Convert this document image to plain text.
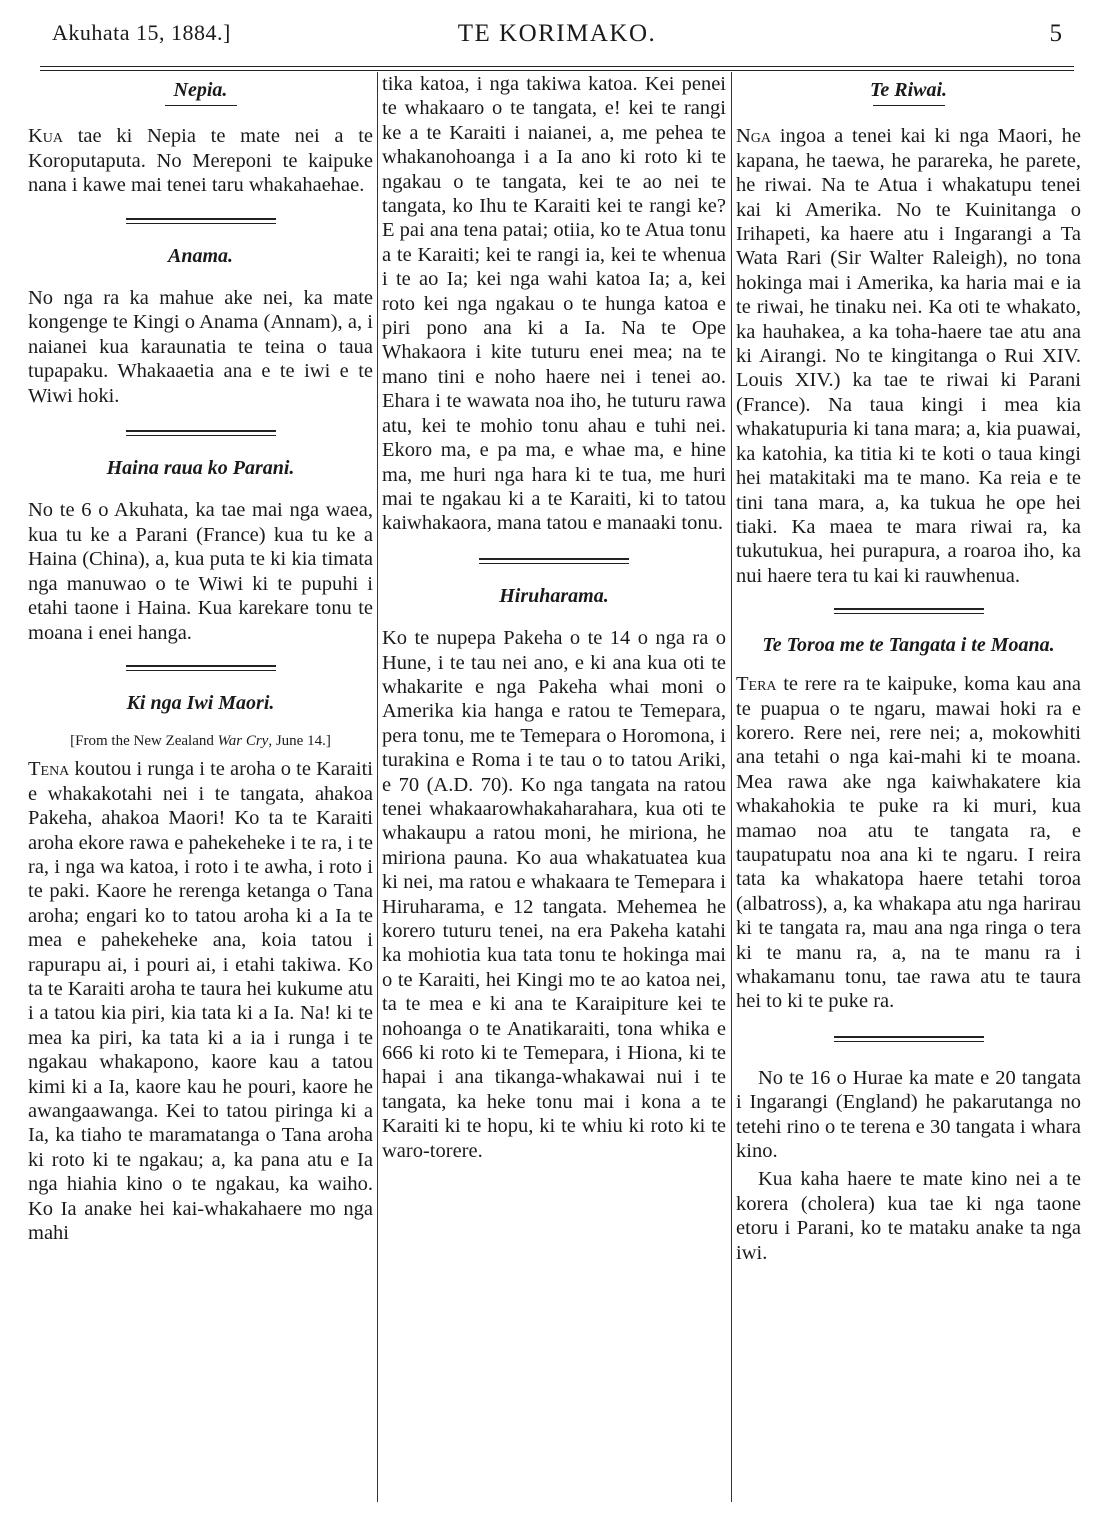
Akuhata 15, 1884.]	TE KORIMAKO.	5
Nepia.

Kua tae ki Nepia te mate nei a te Koroputaputa. No Mereponi te kaipuke nana i kawe mai tenei taru whakahaehae.

Anama.

No nga ra ka mahue ake nei, ka mate kongenge te Kingi o Anama (Annam), a, i naianei kua karaunatia te teina o taua tupapaku. Whakaaetia ana e te iwi e te Wiwi hoki.

Haina raua ko Parani.

No te 6 o Akuhata, ka tae mai nga waea, kua tu ke a Parani (France) kua tu ke a Haina (China), a, kua puta te ki kia timata nga manuwao o te Wiwi ki te pupuhi i etahi taone i Haina. Kua karekare tonu te moana i enei hanga.

Ki nga Iwi Maori.

[From the New Zealand War Cry, June 14.]

Tena koutou i runga i te aroha o te Karaiti e whakakotahi nei i te tangata, ahakoa Pakeha, ahakoa Maori! Ko ta te Karaiti aroha ekore rawa e pahekeheke i te ra, i te ra, i nga wa katoa, i roto i te awha, i roto i te paki. Kaore he rerenga ketanga o Tana aroha; engari ko to tatou aroha ki a Ia te mea e pahekeheke ana, koia tatou i rapurapu ai, i pouri ai, i etahi takiwa. Ko ta te Karaiti aroha te taura hei kukume atu i a tatou kia piri, kia tata ki a Ia. Na! ki te mea ka piri, ka tata ki a ia i runga i te ngakau whakapono, kaore kau a tatou kimi ki a Ia, kaore kau he pouri, kaore he awangaawanga. Kei to tatou piringa ki a Ia, ka tiaho te maramatanga o Tana aroha ki roto ki te ngakau; a, ka pana atu e Ia nga hiahia kino o te ngakau, ka waiho. Ko Ia anake hei kai-whakahaere mo nga mahi

tika katoa, i nga takiwa katoa. Kei penei te whakaaro o te tangata, e! kei te rangi ke a te Karaiti i naianei, a, me pehea te whakanohoanga i a Ia ano ki roto ki te ngakau o te tangata, kei te ao nei te tangata, ko Ihu te Karaiti kei te rangi ke? E pai ana tena patai; otiia, ko te Atua tonu a te Karaiti; kei te rangi ia, kei te whenua i te ao Ia; kei nga wahi katoa Ia; a, kei roto kei nga ngakau o te hunga katoa e piri pono ana ki a Ia. Na te Ope Whakaora i kite tuturu enei mea; na te mano tini e noho haere nei i tenei ao. Ehara i te wawata noa iho, he tuturu rawa atu, kei te mohio tonu ahau e tuhi nei. Ekoro ma, e pa ma, e whae ma, e hine ma, me huri nga hara ki te tua, me huri mai te ngakau ki a te Karaiti, ki to tatou kaiwhakaora, mana tatou e manaaki tonu.

Hiruharama.

Ko te nupepa Pakeha o te 14 o nga ra o Hune, i te tau nei ano, e ki ana kua oti te whakarite e nga Pakeha whai moni o Amerika kia hanga e ratou te Temepara, pera tonu, me te Temepara o Horomona, i turakina e Roma i te tau o to tatou Ariki, e 70 (A.D. 70). Ko nga tangata na ratou tenei whakaarowhakaharahara, kua oti te whakaupu a ratou moni, he miriona, he miriona pauna. Ko aua whakatuatea kua ki nei, ma ratou e whakaara te Temepara i Hiruharama, e 12 tangata. Mehemea he korero tuturu tenei, na era Pakeha katahi ka mohiotia kua tata tonu te hokinga mai o te Karaiti, hei Kingi mo te ao katoa nei, ta te mea e ki ana te Karaipiture kei te nohoanga o te Anatikaraiti, tona whika e 666 ki roto ki te Temepara, i Hiona, ki te hapai i ana tikanga-whakawai nui i te tangata, ka heke tonu mai i kona a te Karaiti ki te hopu, ki te whiu ki roto ki te waro-torere.

Te Riwai.

Nga ingoa a tenei kai ki nga Maori, he kapana, he taewa, he parareka, he parete, he riwai. Na te Atua i whakatupu tenei kai ki Amerika. No te Kuinitanga o Irihapeti, ka haere atu i Ingarangi a Ta Wata Rari (Sir Walter Raleigh), no tona hokinga mai i Amerika, ka haria mai e ia te riwai, he tinaku nei. Ka oti te whakato, ka hauhakea, a ka toha-haere tae atu ana ki Airangi. No te kingitanga o Rui XIV. Louis XIV.) ka tae te riwai ki Parani (France). Na taua kingi i mea kia whakatupuria ki tana mara; a, kia puawai, ka katohia, ka titia ki te koti o taua kingi hei matakitaki ma te mano. Ka reia e te tini tana mara, a, ka tukua he ope hei tiaki. Ka maea te mara riwai ra, ka tukutukua, hei purapura, a roaroa iho, ka nui haere tera tu kai ki rauwhenua.

Te Toroa me te Tangata i te Moana.

Tera te rere ra te kaipuke, koma kau ana te puapua o te ngaru, mawai hoki ra e korero. Rere nei, rere nei; a, mokowhiti ana tetahi o nga kai-mahi ki te moana. Mea rawa ake nga kaiwhakatere kia whakahokia te puke ra ki muri, kua mamao noa atu te tangata ra, e taupatupatu noa ana ki te ngaru. I reira tata ka whakatopa haere tetahi toroa (albatross), a, ka whakapa atu nga harirau ki te tangata ra, mau ana nga ringa o tera ki te manu ra, a, na te manu ra i whakamanu tonu, tae rawa atu te taura hei to ki te puke ra.

No te 16 o Hurae ka mate e 20 tangata i Ingarangi (England) he pakarutanga no tetehi rino o te terena e 30 tangata i whara kino.

Kua kaha haere te mate kino nei a te korera (cholera) kua tae ki nga taone etoru i Parani, ko te mataku anake ta nga iwi.
